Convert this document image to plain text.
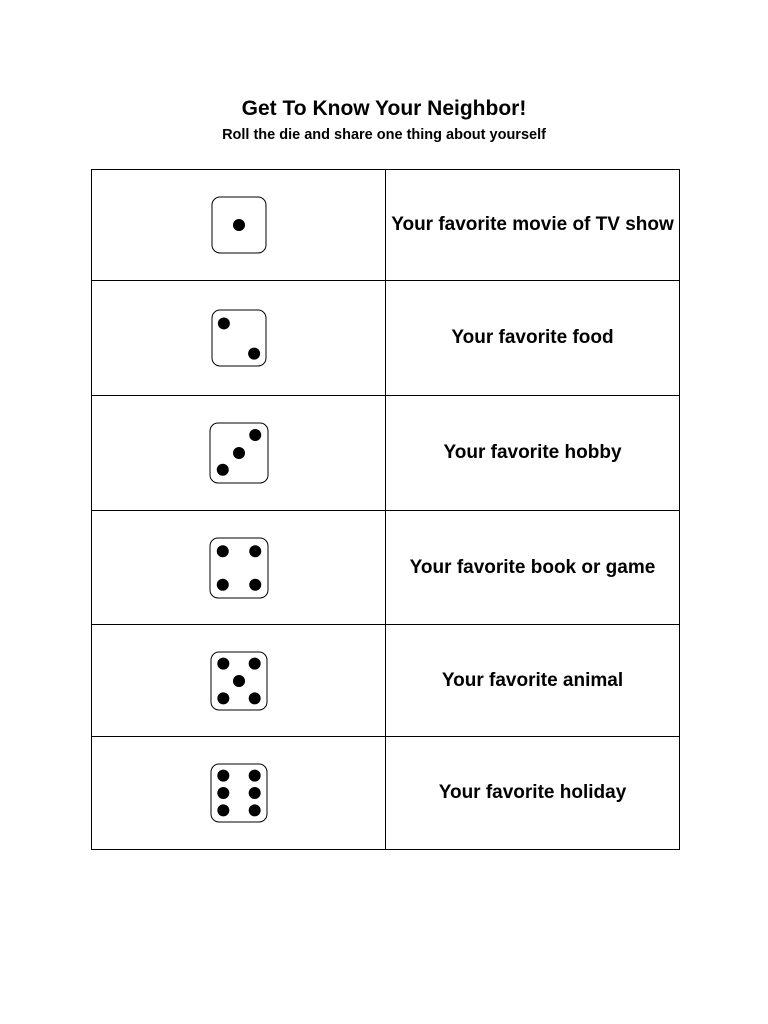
Get To Know Your Neighbor!
Roll the die and share one thing about yourself
	Your favorite movie of TV show
	Your favorite food
	Your favorite hobby
	Your favorite book or game
	Your favorite animal
	Your favorite holiday
